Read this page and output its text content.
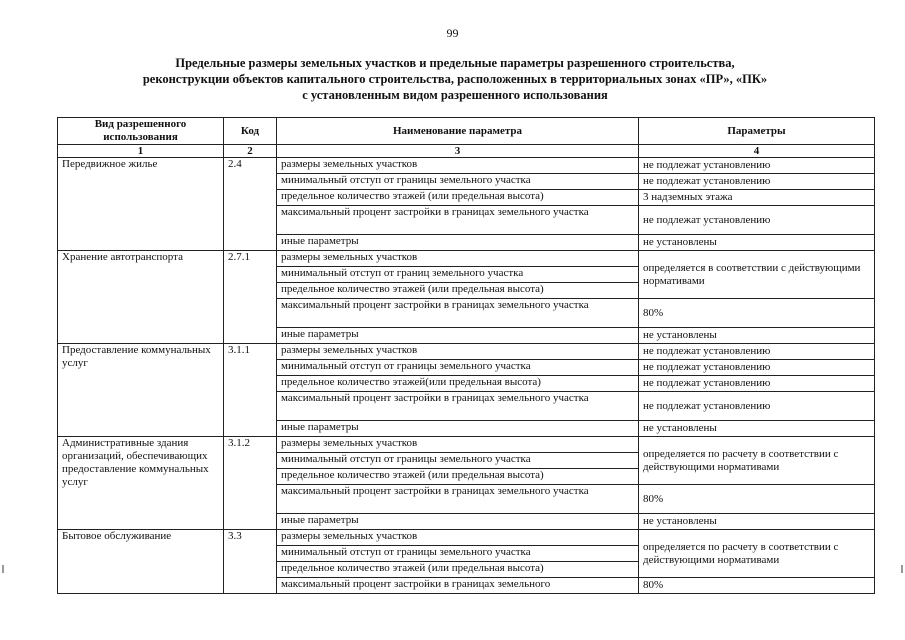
99
Предельные размеры земельных участков и предельные параметры разрешенного строительства,
реконструкции объектов капитального строительства, расположенных в территориальных зонах «ПР», «ПК»
с установленным видом разрешенного использования
Вид разрешенного использования	Код	Наименование параметра	Параметры
1	2	3	4
Передвижное жилье	2.4	размеры земельных участков	не подлежат установлению
		минимальный отступ от границы земельного участка	не подлежат установлению
		предельное количество этажей (или предельная высота)	3 надземных этажа
		максимальный процент застройки в границах земельного участка	не подлежат установлению
		иные параметры	не установлены
Хранение автотранспорта	2.7.1	размеры земельных участков	определяется в соответствии с действующими нормативами
		минимальный отступ от границ земельного участка	
		предельное количество этажей (или предельная высота)	
		максимальный процент застройки в границах земельного участка	80%
		иные параметры	не установлены
Предоставление коммунальных услуг	3.1.1	размеры земельных участков	не подлежат установлению
		минимальный отступ от границы земельного участка	не подлежат установлению
		предельное количество этажей(или предельная высота)	не подлежат установлению
		максимальный процент застройки в границах земельного участка	не подлежат установлению
		иные параметры	не установлены
Административные здания организаций, обеспечивающих предоставление коммунальных услуг	3.1.2	размеры земельных участков	определяется по расчету в соответствии с действующими нормативами
		минимальный отступ от границы земельного участка	
		предельное количество этажей (или предельная высота)	
		максимальный процент застройки в границах земельного участка	80%
		иные параметры	не установлены
Бытовое обслуживание	3.3	размеры земельных участков	определяется по расчету в соответствии с действующими нормативами
		минимальный отступ от границы земельного участка	
		предельное количество этажей (или предельная высота)	
		максимальный процент застройки в границах земельного	80%
